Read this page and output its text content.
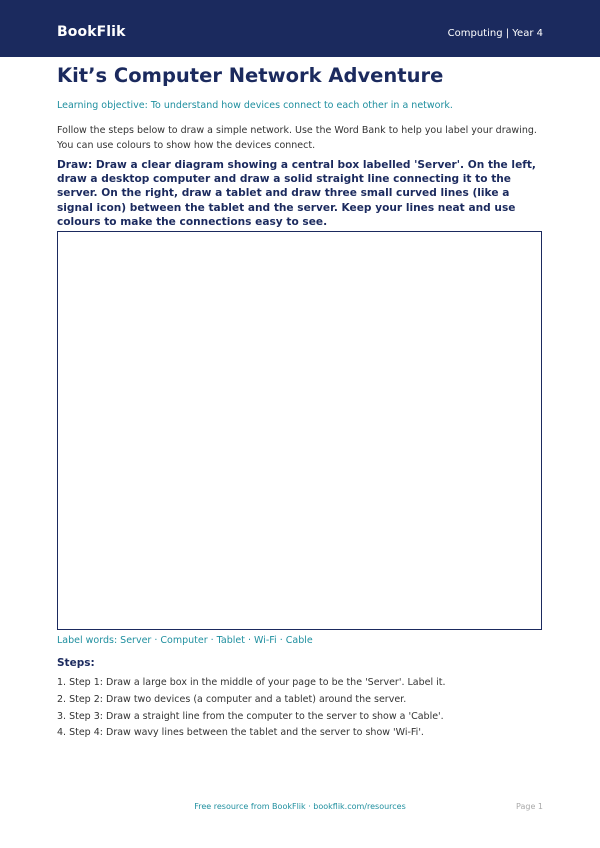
BookFlik	Computing | Year 4
Kit’s Computer Network Adventure
Learning objective: To understand how devices connect to each other in a network.
Follow the steps below to draw a simple network. Use the Word Bank to help you label your drawing. You can use colours to show how the devices connect.
Draw: Draw a clear diagram showing a central box labelled 'Server'. On the left, draw a desktop computer and draw a solid straight line connecting it to the server. On the right, draw a tablet and draw three small curved lines (like a signal icon) between the tablet and the server. Keep your lines neat and use colours to make the connections easy to see.
Label words: Server · Computer · Tablet · Wi-Fi · Cable
Steps:
1. Step 1: Draw a large box in the middle of your page to be the 'Server'. Label it.
2. Step 2: Draw two devices (a computer and a tablet) around the server.
3. Step 3: Draw a straight line from the computer to the server to show a 'Cable'.
4. Step 4: Draw wavy lines between the tablet and the server to show 'Wi-Fi'.
Free resource from BookFlik · bookflik.com/resources	Page 1
